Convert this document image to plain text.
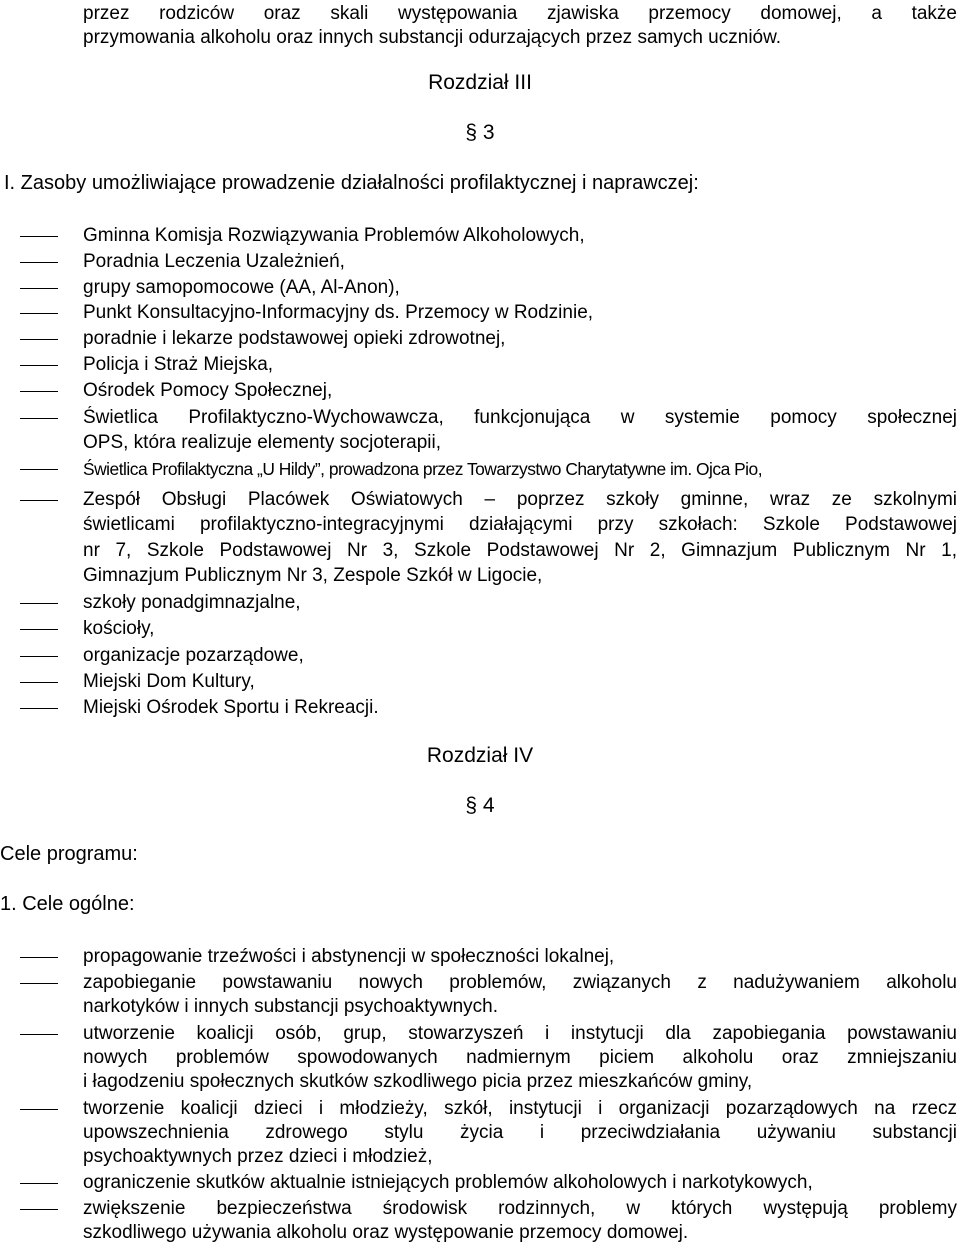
przez rodziców oraz skali występowania zjawiska przemocy domowej, a także
przymowania alkoholu oraz innych substancji odurzających przez samych uczniów.
Rozdział III
§ 3
I. Zasoby umożliwiające prowadzenie działalności profilaktycznej i naprawczej:
Gminna Komisja Rozwiązywania Problemów Alkoholowych,
Poradnia Leczenia Uzależnień,
grupy samopomocowe (AA, Al-Anon),
Punkt Konsultacyjno-Informacyjny ds. Przemocy w Rodzinie,
poradnie i lekarze podstawowej opieki zdrowotnej,
Policja i Straż Miejska,
Ośrodek Pomocy Społecznej,
Świetlica Profilaktyczno-Wychowawcza, funkcjonująca w systemie pomocy społecznej
OPS, która realizuje elementy socjoterapii,
Świetlica Profilaktyczna „U Hildy”, prowadzona przez Towarzystwo Charytatywne im. Ojca Pio,
Zespół Obsługi Placówek Oświatowych – poprzez szkoły gminne, wraz ze szkolnymi
świetlicami profilaktyczno-integracyjnymi działającymi przy szkołach: Szkole Podstawowej
nr 7, Szkole Podstawowej Nr 3, Szkole Podstawowej Nr 2, Gimnazjum Publicznym Nr 1,
Gimnazjum Publicznym Nr 3, Zespole Szkół w Ligocie,
szkoły ponadgimnazjalne,
kościoły,
organizacje pozarządowe,
Miejski Dom Kultury,
Miejski Ośrodek Sportu i Rekreacji.
Rozdział IV
§ 4
Cele programu:
1. Cele ogólne:
propagowanie trzeźwości i abstynencji w społeczności lokalnej,
zapobieganie powstawaniu nowych problemów, związanych z nadużywaniem alkoholu
narkotyków i innych substancji psychoaktywnych.
utworzenie koalicji osób, grup, stowarzyszeń i instytucji dla zapobiegania powstawaniu
nowych problemów spowodowanych nadmiernym piciem alkoholu oraz zmniejszaniu
i łagodzeniu społecznych skutków szkodliwego picia przez mieszkańców gminy,
tworzenie koalicji dzieci i młodzieży, szkół, instytucji i organizacji pozarządowych na rzecz
upowszechnienia zdrowego stylu życia i przeciwdziałania używaniu substancji
psychoaktywnych przez dzieci i młodzież,
ograniczenie skutków aktualnie istniejących problemów alkoholowych i narkotykowych,
zwiększenie bezpieczeństwa środowisk rodzinnych, w których występują problemy
szkodliwego używania alkoholu oraz występowanie przemocy domowej.
